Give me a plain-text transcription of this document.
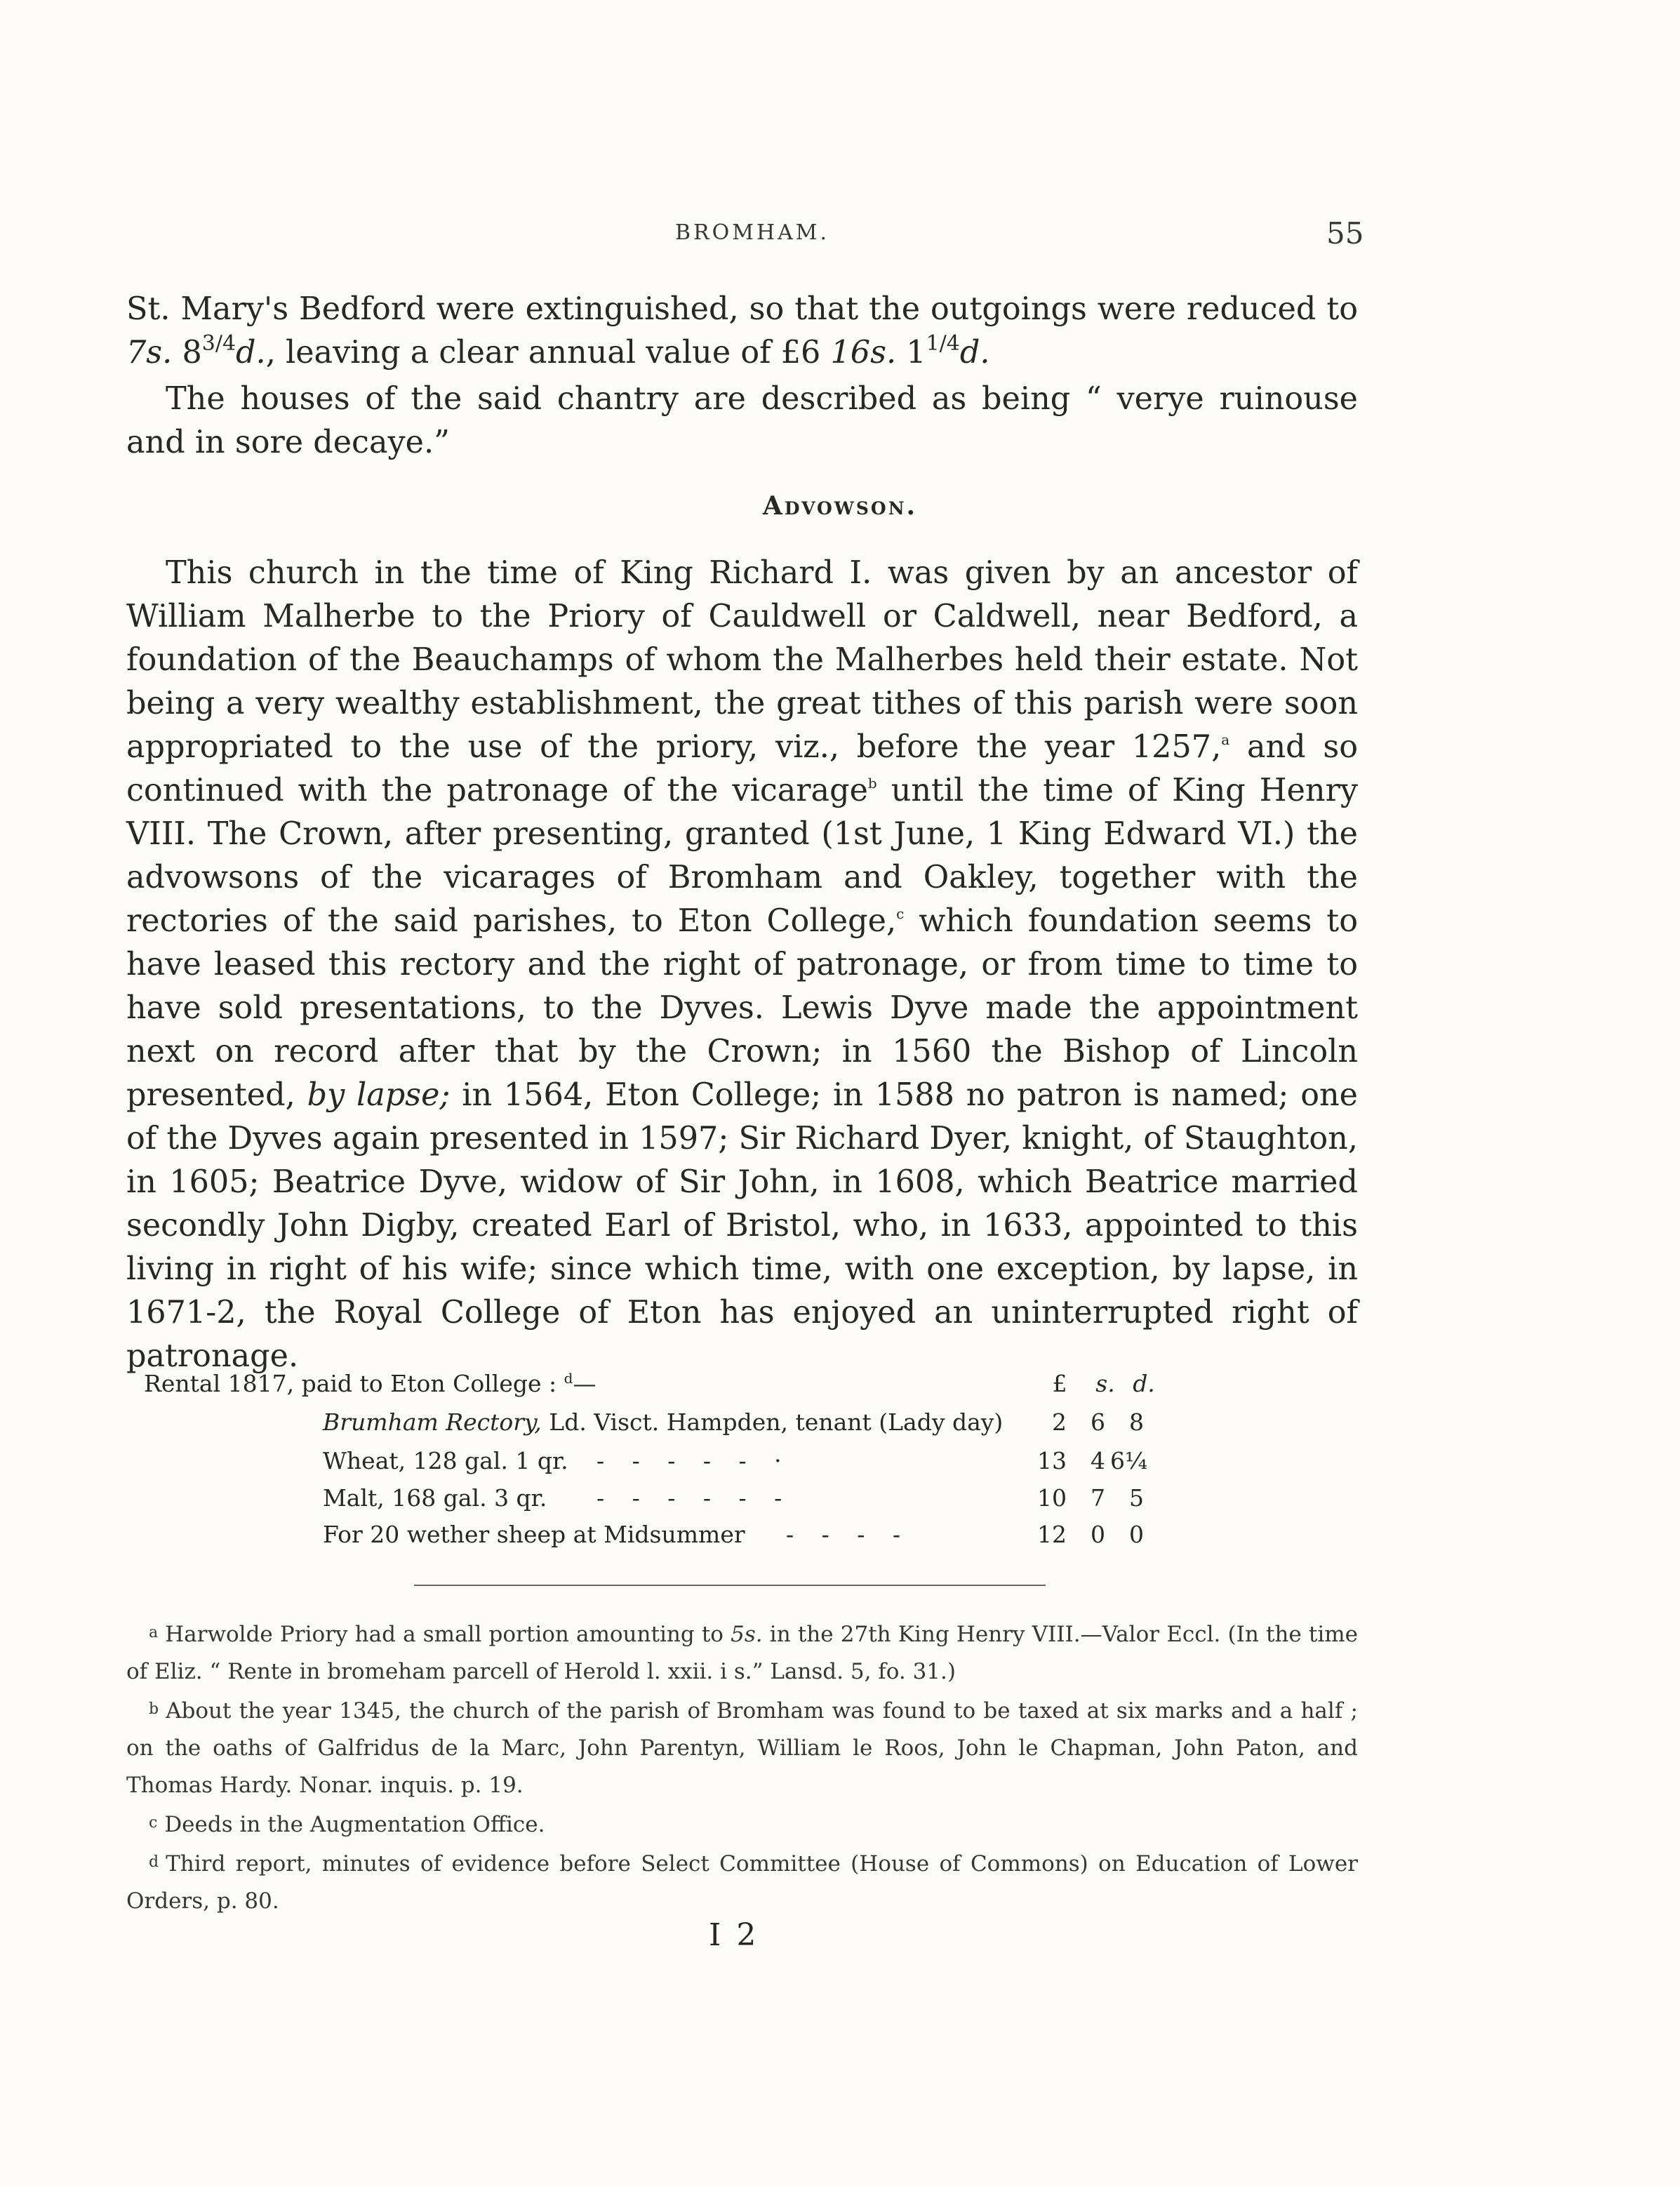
BROMHAM.	55

St. Mary's Bedford were extinguished, so that the outgoings were reduced to 7s. $8^{3/4}d$., leaving a clear annual value of £6 16s. $1^{1/4}d$.

The houses of the said chantry are described as being “ veryе ruinouse and in sore decaye.”

Advowson.

This church in the time of King Richard I. was given by an ancestor of William Malherbe to the Priory of Cauldwell or Caldwell, near Bedford, a foundation of the Beauchamps of whom the Malherbes held their estate. Not being a very wealthy establishment, the great tithes of this parish were soon appropriated to the use of the priory, viz., before the year 1257,$^a$ and so continued with the patronage of the vicarage$^b$ until the time of King Henry VIII. The Crown, after presenting, granted (1st June, 1 King Edward VI.) the advowsons of the vicarages of Bromham and Oakley, together with the rectories of the said parishes, to Eton College,$^c$ which foundation seems to have leased this rectory and the right of patronage, or from time to time to have sold presentations, to the Dyves. Lewis Dyve made the appointment next on record after that by the Crown; in 1560 the Bishop of Lincoln presented, by lapse; in 1564, Eton College; in 1588 no patron is named; one of the Dyves again presented in 1597; Sir Richard Dyer, knight, of Staughton, in 1605; Beatrice Dyve, widow of Sir John, in 1608, which Beatrice married secondly John Digby, created Earl of Bristol, who, in 1633, appointed to this living in right of his wife; since which time, with one exception, by lapse, in 1671-2, the Royal College of Eton has enjoyed an uninterrupted right of patronage.

Rental 1817, paid to Eton College : $^d$—	£ s. d.
Brumham Rectory, Ld. Visct. Hampden, tenant (Lady day)	2	6	8
Wheat, 128 gal. 1 qr. -   -   -   -   -   ·	13	4 6¼
Malt, 168 gal. 3 qr. -   -   -   -   -   -	10	7	5
For 20 wether sheep at Midsummer -   -   -   -	12	0	0

a Harwolde Priory had a small portion amounting to 5s. in the 27th King Henry VIII.—Valor Eccl. (In the time of Eliz. “ Rente in bromeham parcell of Herold l. xxii. i s.” Lansd. 5, fo. 31.)

b About the year 1345, the church of the parish of Bromham was found to be taxed at six marks and a half ; on the oaths of Galfridus de la Marc, John Parentyn, William le Roos, John le Chapman, John Paton, and Thomas Hardy. Nonar. inquis. p. 19.

c Deeds in the Augmentation Office.

d Third report, minutes of evidence before Select Committee (House of Commons) on Education of Lower Orders, p. 80.

I 2
